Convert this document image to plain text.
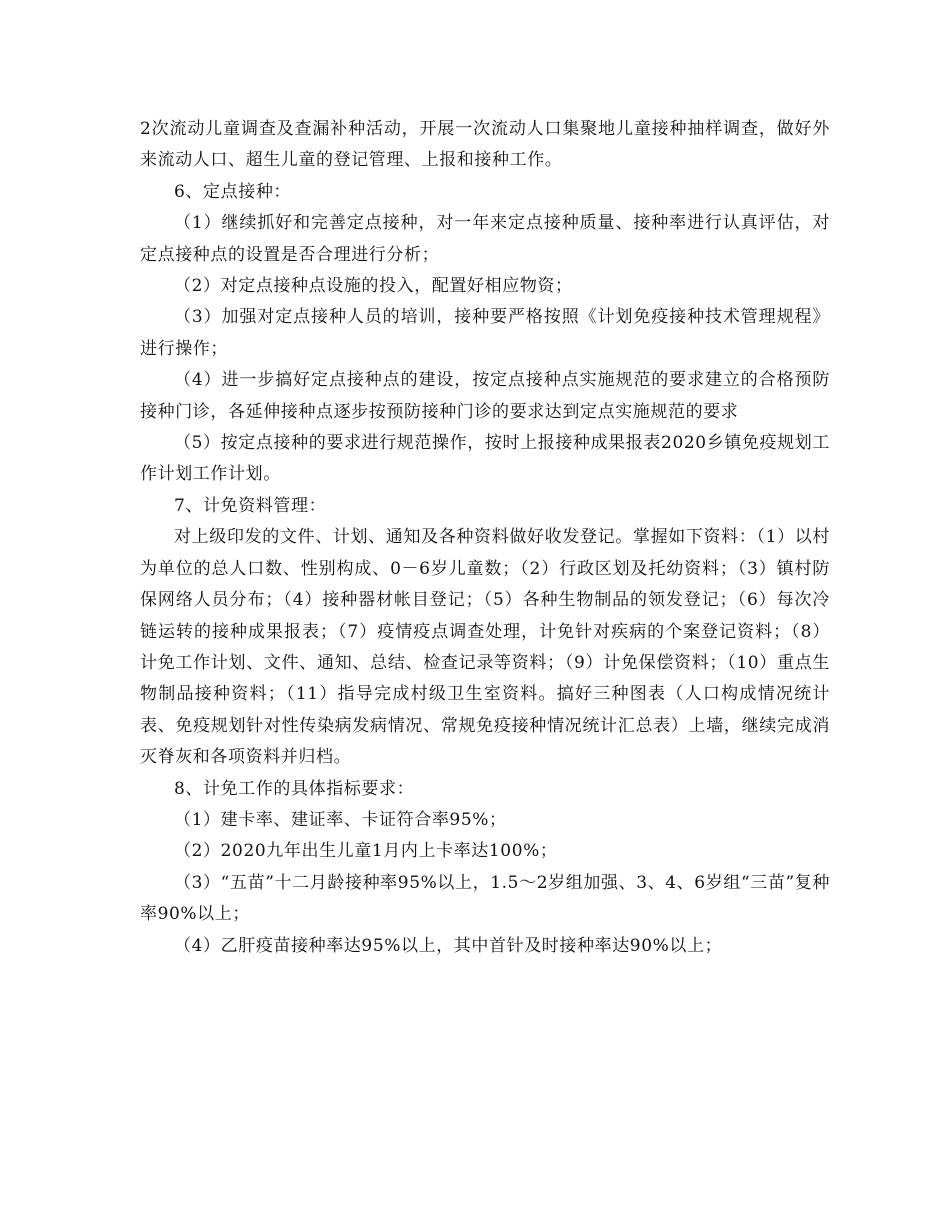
2次流动儿童调查及查漏补种活动，开展一次流动人口集聚地儿童接种抽样调查，做好外来流动人口、超生儿童的登记管理、上报和接种工作。

6、定点接种：

（1）继续抓好和完善定点接种，对一年来定点接种质量、接种率进行认真评估，对定点接种点的设置是否合理进行分析；

（2）对定点接种点设施的投入，配置好相应物资；

（3）加强对定点接种人员的培训，接种要严格按照《计划免疫接种技术管理规程》进行操作；

（4）进一步搞好定点接种点的建设，按定点接种点实施规范的要求建立的合格预防接种门诊，各延伸接种点逐步按预防接种门诊的要求达到定点实施规范的要求

（5）按定点接种的要求进行规范操作，按时上报接种成果报表2020乡镇免疫规划工作计划工作计划。

7、计免资料管理：

对上级印发的文件、计划、通知及各种资料做好收发登记。掌握如下资料：（1）以村为单位的总人口数、性别构成、0－6岁儿童数；（2）行政区划及托幼资料；（3）镇村防保网络人员分布；（4）接种器材帐目登记；（5）各种生物制品的领发登记；（6）每次冷链运转的接种成果报表；（7）疫情疫点调查处理，计免针对疾病的个案登记资料；（8）计免工作计划、文件、通知、总结、检查记录等资料；（9）计免保偿资料；（10）重点生物制品接种资料；（11）指导完成村级卫生室资料。搞好三种图表（人口构成情况统计表、免疫规划针对性传染病发病情况、常规免疫接种情况统计汇总表）上墙，继续完成消灭脊灰和各项资料并归档。

8、计免工作的具体指标要求：

（1）建卡率、建证率、卡证符合率95%；

（2）2020九年出生儿童1月内上卡率达100%；

（3）“五苗”十二月龄接种率95%以上，1.5～2岁组加强、3、4、6岁组“三苗”复种率90%以上；

（4）乙肝疫苗接种率达95%以上，其中首针及时接种率达90%以上；
